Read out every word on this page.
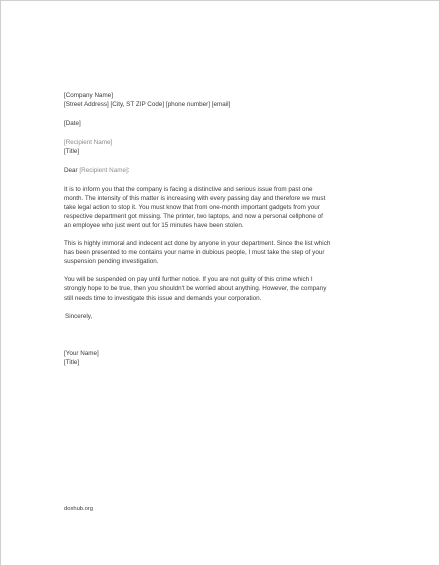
[Company Name]
[Street Address] [City, ST ZIP Code] [phone number] [email]
[Date]
[Recipient Name]
[Title]
Dear [Recipient Name]:
It is to inform you that the company is facing a distinctive and serious issue from past one
month. The intensity of this matter is increasing with every passing day and therefore we must
take legal action to stop it. You must know that from one-month important gadgets from your
respective department got missing. The printer, two laptops, and now a personal cellphone of
an employee who just went out for 15 minutes have been stolen.
This is highly immoral and indecent act done by anyone in your department. Since the list which
has been presented to me contains your name in dubious people, I must take the step of your
suspension pending investigation.
You will be suspended on pay until further notice. If you are not guilty of this crime which I
strongly hope to be true, then you shouldn't be worried about anything. However, the company
still needs time to investigate this issue and demands your corporation.
Sincerely,
[Your Name]
[Title]
doxhub.org
